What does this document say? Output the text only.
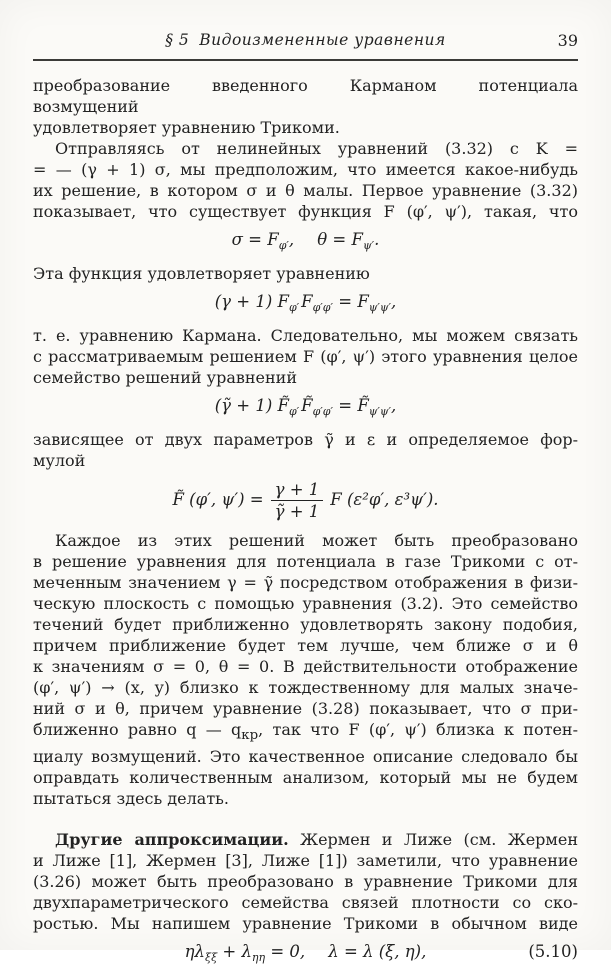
§ 5 Видоизмененные уравнения	39
преобразование введенного Карманом потенциала возмущений
удовлетворяет уравнению Трикоми.
Отправляясь от нелинейных уравнений (3.32) с K =
= — (γ + 1) σ, мы предположим, что имеется какое-нибудь
их решение, в котором σ и θ малы. Первое уравнение (3.32)
показывает, что существует функция F (φ′, ψ′), такая, что
$\sigma = F_{\varphi'}$, $\theta = F_{\psi'}$.
Эта функция удовлетворяет уравнению
(γ + 1) $F_{\varphi'}$ $F_{\varphi'\varphi'} = F_{\psi'\psi'}$,
т. е. уравнению Кармана. Следовательно, мы можем связать
с рассматриваемым решением F (φ′, ψ′) этого уравнения целое
семейство решений уравнений
(γ̃ + 1) $F̃_{\varphi'}$ $F̃_{\varphi'\varphi'}$ = $F̃_{\psi'\psi'}$,
зависящее от двух параметров γ̃ и ε и определяемое фор-
мулой
F̃ (φ′, $\psi') = \frac{\gamma + 1}{\gammã + 1}$ F (ε²φ′, ε³ψ′).
Каждое из этих решений может быть преобразовано
в решение уравнения для потенциала в газе Трикоми с от-
меченным значением γ = γ̃ посредством отображения в физи-
ческую плоскость с помощью уравнения (3.2). Это семейство
течений будет приближенно удовлетворять закону подобия,
причем приближение будет тем лучше, чем ближе σ и θ
к значениям σ = 0, θ = 0. В действительности отображение
(φ′, ψ′) → (x, y) близко к тождественному для малых значе-
ний σ и θ, причем уравнение (3.28) показывает, что σ при-
ближенно равно q — $q_{кр}$, так что F (φ′, ψ′) близка к потен-
циалу возмущений. Это качественное описание следовало бы
оправдать количественным анализом, который мы не будем
пытаться здесь делать.
Другие аппроксимации. Жермен и Лиже (см. Жермен
и Лиже [1], Жермен [3], Лиже [1]) заметили, что уравнение
(3.26) может быть преобразовано в уравнение Трикоми для
двухпараметрического семейства связей плотности со ско-
ростью. Мы напишем уравнение Трикоми в обычном виде
$\eta\lambda_{\xi\xi} + \lambda_{\eta\eta} = 0$, λ = λ (ξ, η),	(5.10)
